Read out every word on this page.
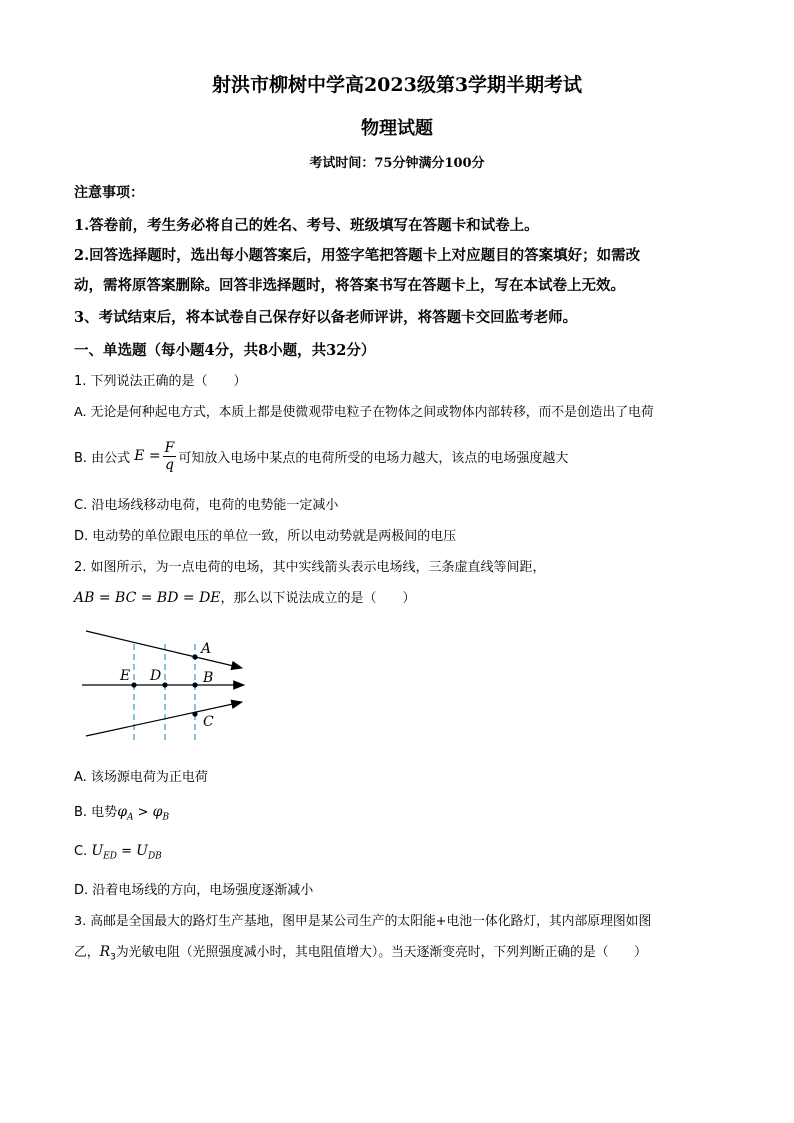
射洪市柳树中学高2023级第3学期半期考试
物理试题
考试时间：75分钟满分100分
注意事项：
1.答卷前，考生务必将自己的姓名、考号、班级填写在答题卡和试卷上。
2.回答选择题时，选出每小题答案后，用签字笔把答题卡上对应题目的答案填好；如需改
动，需将原答案删除。回答非选择题时，将答案书写在答题卡上，写在本试卷上无效。
3、考试结束后，将本试卷自己保存好以备老师评讲，将答题卡交回监考老师。
一、单选题（每小题4分，共8小题，共32分）
1. 下列说法正确的是（　　）
A. 无论是何种起电方式，本质上都是使微观带电粒子在物体之间或物体内部转移，而不是创造出了电荷
B. 由公式 $E = \frac{F}{q}$ 可知放入电场中某点的电荷所受的电场力越大，该点的电场强度越大
C. 沿电场线移动电荷，电荷的电势能一定减小
D. 电动势的单位跟电压的单位一致，所以电动势就是两极间的电压
2. 如图所示，为一点电荷的电场，其中实线箭头表示电场线，三条虚直线等间距，
AB = BC = BD = DE，那么以下说法成立的是（　　）
A
B
C
D
E
A. 该场源电荷为正电荷
B. 电势$\varphi_A > \varphi_B$
C. $U_{ED} = U_{DB}$
D. 沿着电场线的方向，电场强度逐渐减小
3. 高邮是全国最大的路灯生产基地，图甲是某公司生产的太阳能+电池一体化路灯，其内部原理图如图
乙，$R_3$为光敏电阻（光照强度减小时，其电阻值增大）。当天逐渐变亮时，下列判断正确的是（　　）
